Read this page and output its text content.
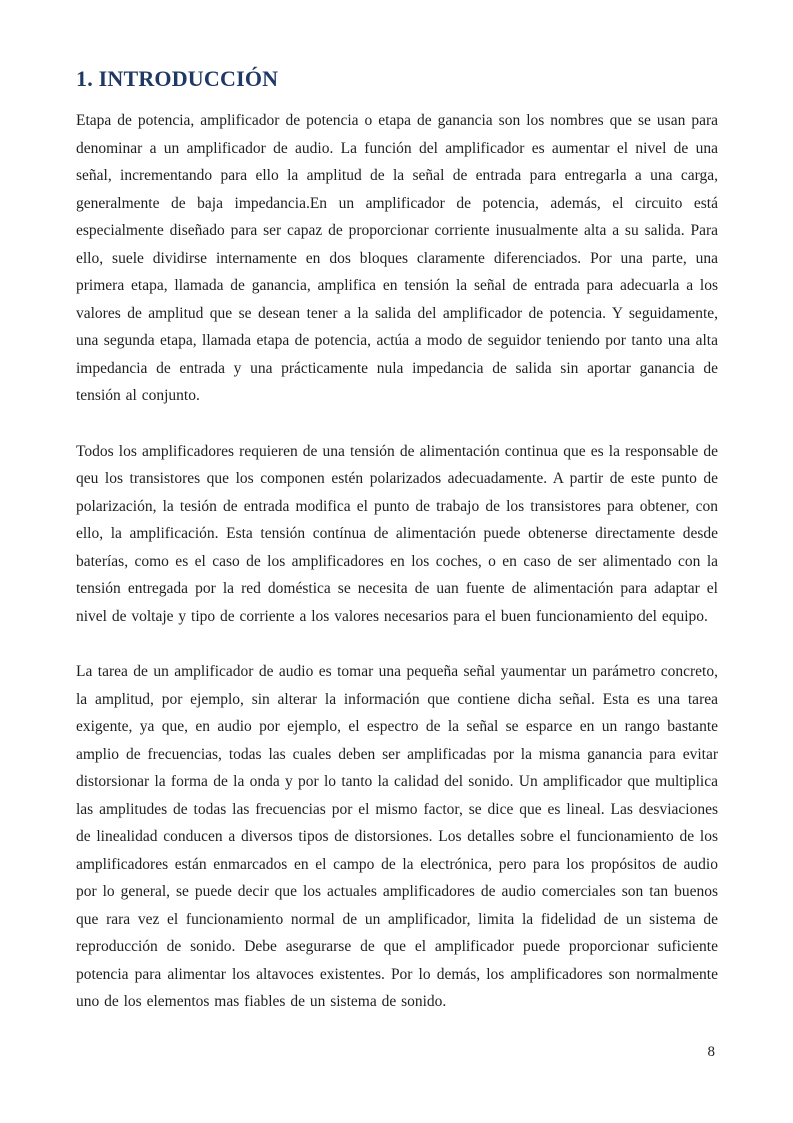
1. INTRODUCCIÓN

Etapa de potencia, amplificador de potencia o etapa de ganancia son los nombres que se usan para denominar a un amplificador de audio. La función del amplificador es aumentar el nivel de una señal, incrementando para ello la amplitud de la señal de entrada para entregarla a una carga, generalmente de baja impedancia.En un amplificador de potencia, además, el circuito está especialmente diseñado para ser capaz de proporcionar corriente inusualmente alta a su salida. Para ello, suele dividirse internamente en dos bloques claramente diferenciados. Por una parte, una primera etapa, llamada de ganancia, amplifica en tensión la señal de entrada para adecuarla a los valores de amplitud que se desean tener a la salida del amplificador de potencia. Y seguidamente, una segunda etapa, llamada etapa de potencia, actúa a modo de seguidor teniendo por tanto una alta impedancia de entrada y una prácticamente nula impedancia de salida sin aportar ganancia de tensión al conjunto.

Todos los amplificadores requieren de una tensión de alimentación continua que es la responsable de qeu los transistores que los componen estén polarizados adecuadamente. A partir de este punto de polarización, la tesión de entrada modifica el punto de trabajo de los transistores para obtener, con ello, la amplificación. Esta tensión contínua de alimentación puede obtenerse directamente desde baterías, como es el caso de los amplificadores en los coches, o en caso de ser alimentado con la tensión entregada por la red doméstica se necesita de uan fuente de alimentación para adaptar el nivel de voltaje y tipo de corriente a los valores necesarios para el buen funcionamiento del equipo.

La tarea de un amplificador de audio es tomar una pequeña señal yaumentar un parámetro concreto, la amplitud, por ejemplo, sin alterar la información que contiene dicha señal. Esta es una tarea exigente, ya que, en audio por ejemplo, el espectro de la señal se esparce en un rango bastante amplio de frecuencias, todas las cuales deben ser amplificadas por la misma ganancia para evitar distorsionar la forma de la onda y por lo tanto la calidad del sonido. Un amplificador que multiplica las amplitudes de todas las frecuencias por el mismo factor, se dice que es lineal. Las desviaciones de linealidad conducen a diversos tipos de distorsiones. Los detalles sobre el funcionamiento de los amplificadores están enmarcados en el campo de la electrónica, pero para los propósitos de audio por lo general, se puede decir que los actuales amplificadores de audio comerciales son tan buenos que rara vez el funcionamiento normal de un amplificador, limita la fidelidad de un sistema de reproducción de sonido. Debe asegurarse de que el amplificador puede proporcionar suficiente potencia para alimentar los altavoces existentes. Por lo demás, los amplificadores son normalmente uno de los elementos mas fiables de un sistema de sonido.

8
